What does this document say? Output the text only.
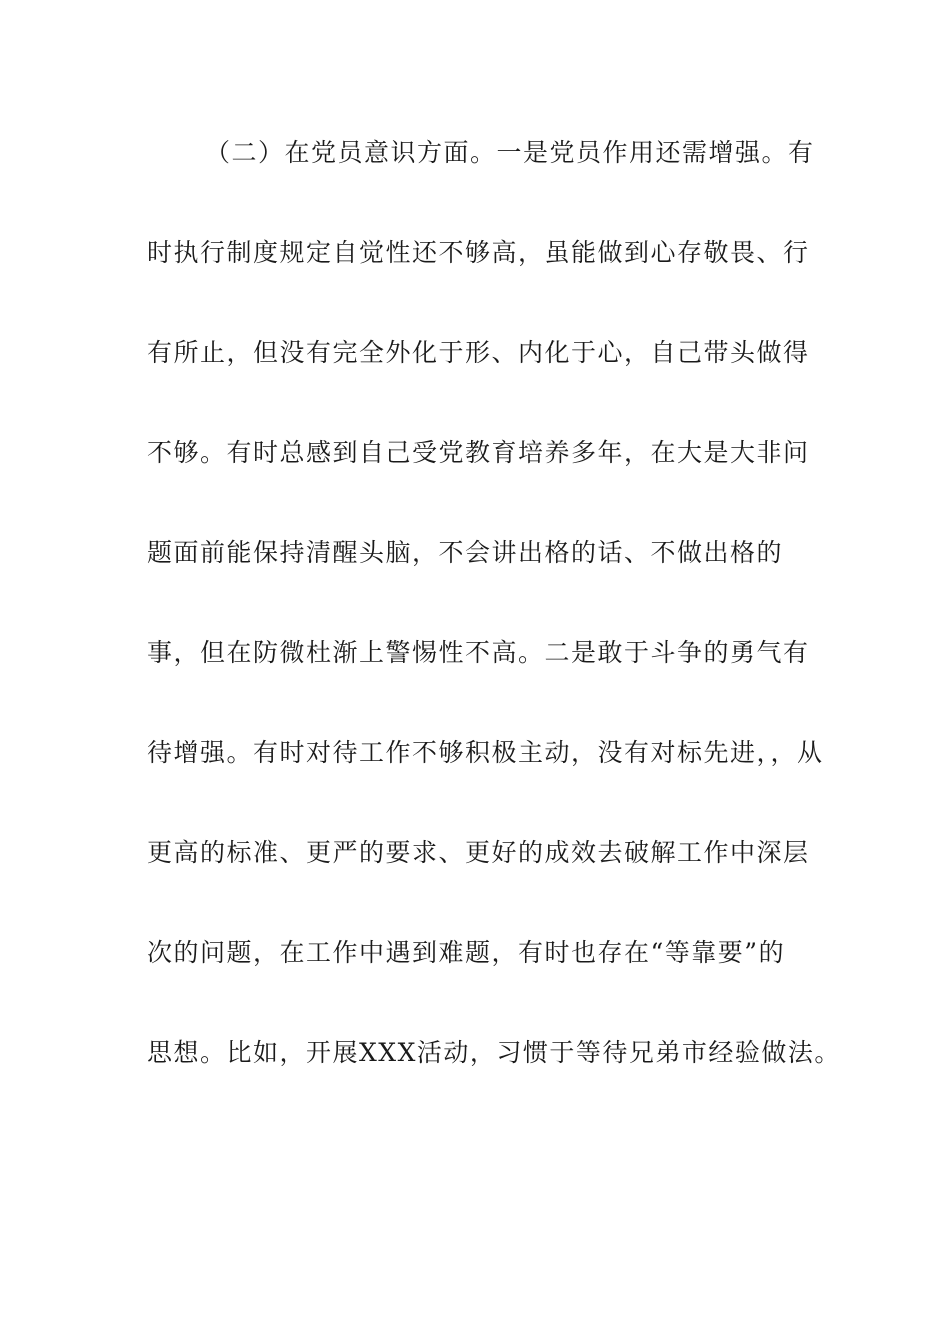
（二）在党员意识方面。一是党员作用还需增强。有
时执行制度规定自觉性还不够高，虽能做到心存敬畏、行
有所止，但没有完全外化于形、内化于心，自己带头做得
不够。有时总感到自己受党教育培养多年，在大是大非问
题面前能保持清醒头脑，不会讲出格的话、不做出格的
事，但在防微杜渐上警惕性不高。二是敢于斗争的勇气有
待增强。有时对待工作不够积极主动，没有对标先进，，从
更高的标准、更严的要求、更好的成效去破解工作中深层
次的问题，在工作中遇到难题，有时也存在“等靠要”的
思想。比如，开展XXX活动，习惯于等待兄弟市经验做法。
